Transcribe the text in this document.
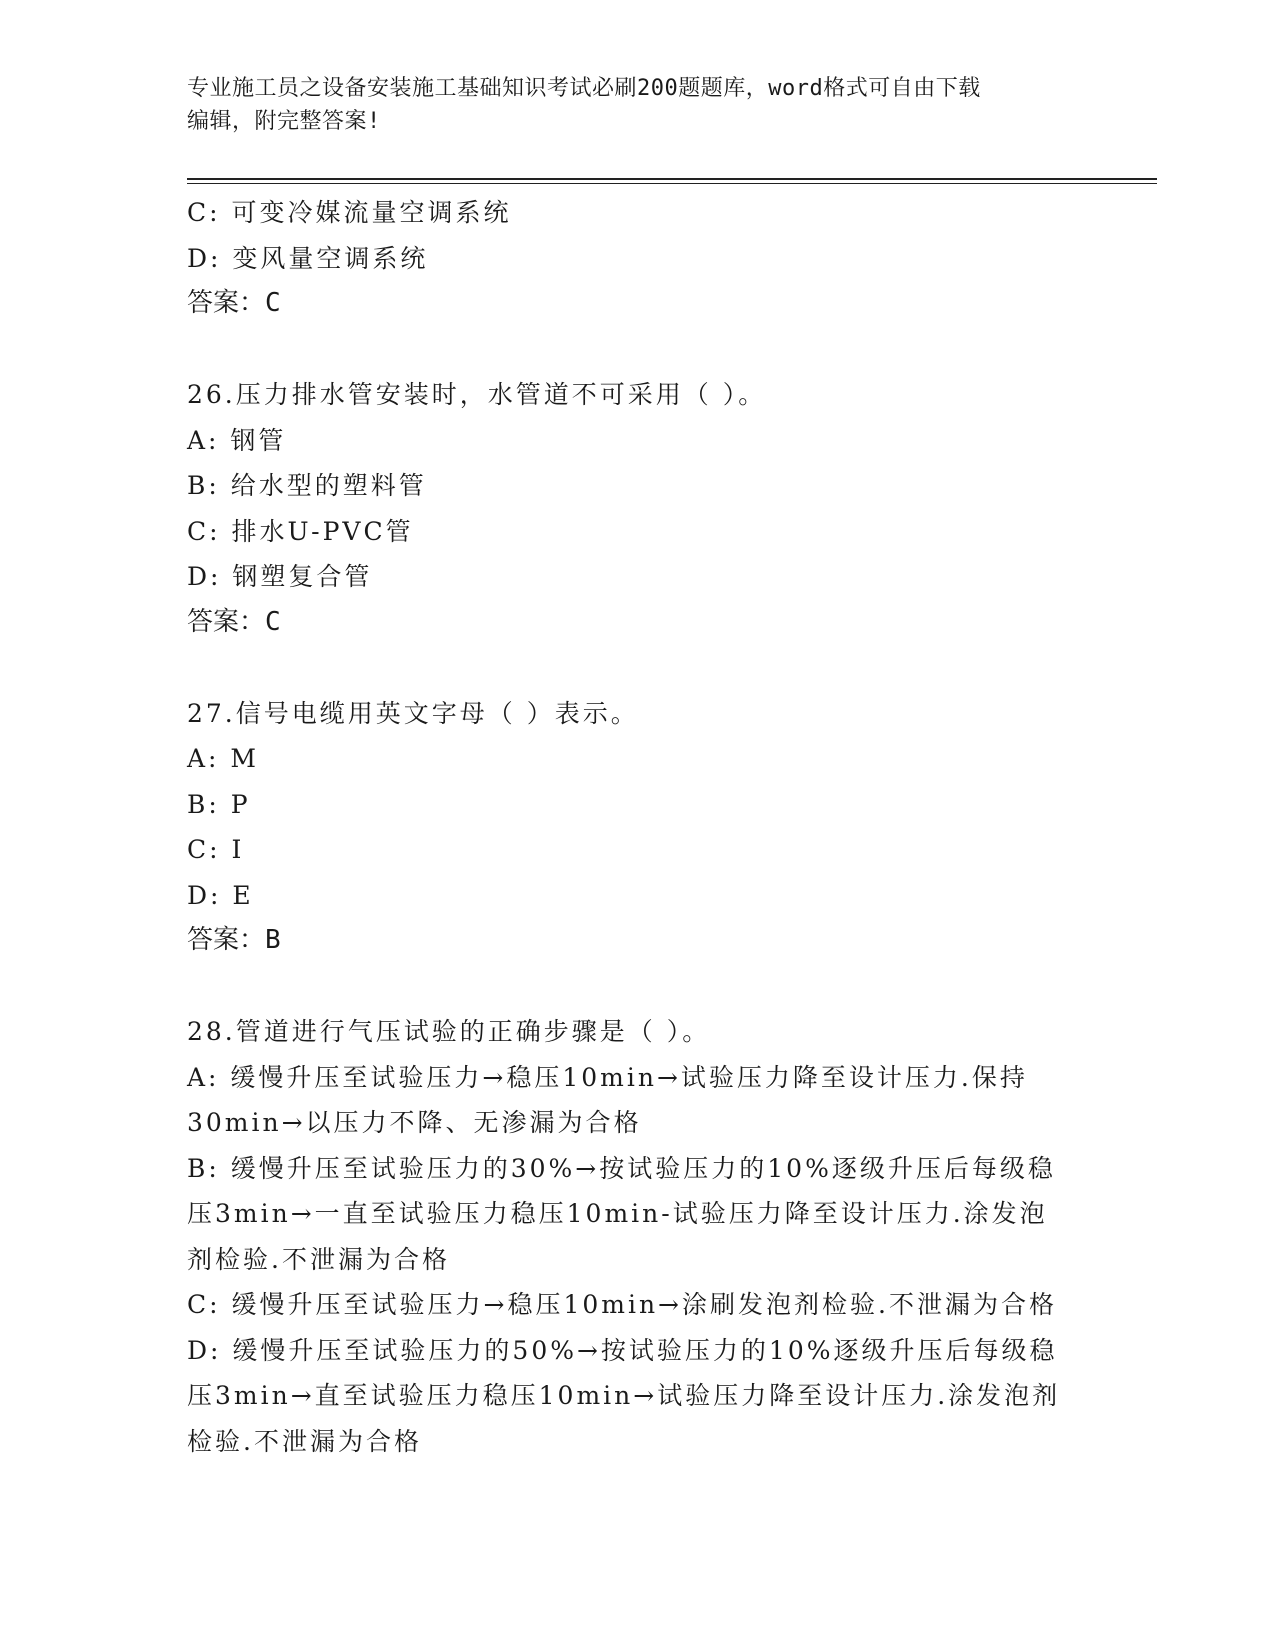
专业施工员之设备安装施工基础知识考试必刷200题题库，word格式可自由下载
编辑，附完整答案!
C: 可变冷媒流量空调系统
D: 变风量空调系统
答案：C
26.压力排水管安装时，水管道不可采用（ ）。
A: 钢管
B: 给水型的塑料管
C: 排水U-PVC管
D: 钢塑复合管
答案：C
27.信号电缆用英文字母（ ）表示。
A: M
B: P
C: I
D: E
答案：B
28.管道进行气压试验的正确步骤是（ ）。
A: 缓慢升压至试验压力→稳压10min→试验压力降至设计压力.保持
30min→以压力不降、无渗漏为合格
B: 缓慢升压至试验压力的30%→按试验压力的10%逐级升压后每级稳
压3min→一直至试验压力稳压10min-试验压力降至设计压力.涂发泡
剂检验.不泄漏为合格
C: 缓慢升压至试验压力→稳压10min→涂刷发泡剂检验.不泄漏为合格
D: 缓慢升压至试验压力的50%→按试验压力的10%逐级升压后每级稳
压3min→直至试验压力稳压10min→试验压力降至设计压力.涂发泡剂
检验.不泄漏为合格
